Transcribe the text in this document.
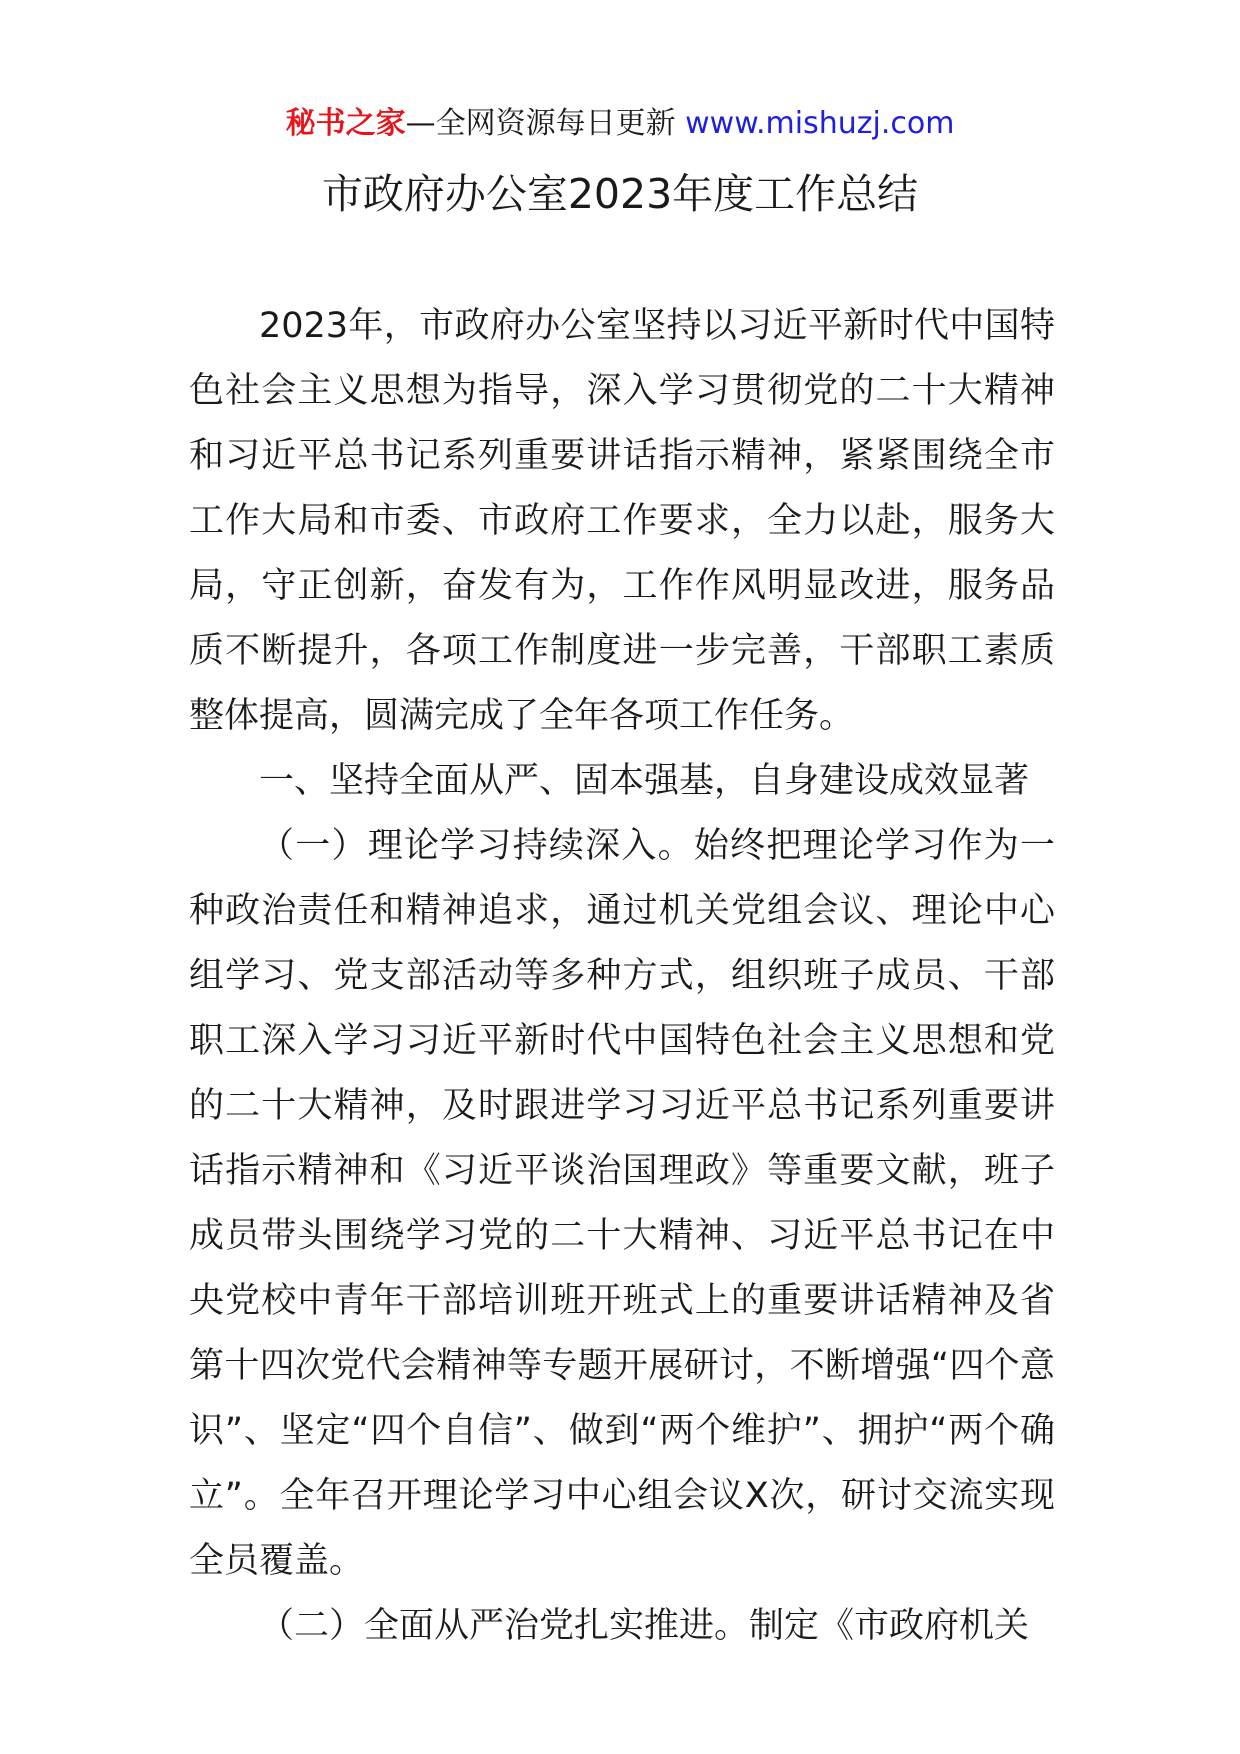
秘书之家—全网资源每日更新 www.mishuzj.com
市政府办公室2023年度工作总结

2023年，市政府办公室坚持以习近平新时代中国特色社会主义思想为指导，深入学习贯彻党的二十大精神和习近平总书记系列重要讲话指示精神，紧紧围绕全市工作大局和市委、市政府工作要求，全力以赴，服务大局，守正创新，奋发有为，工作作风明显改进，服务品质不断提升，各项工作制度进一步完善，干部职工素质整体提高，圆满完成了全年各项工作任务。

一、坚持全面从严、固本强基，自身建设成效显著

（一）理论学习持续深入。始终把理论学习作为一种政治责任和精神追求，通过机关党组会议、理论中心组学习、党支部活动等多种方式，组织班子成员、干部职工深入学习习近平新时代中国特色社会主义思想和党的二十大精神，及时跟进学习习近平总书记系列重要讲话指示精神和《习近平谈治国理政》等重要文献，班子成员带头围绕学习党的二十大精神、习近平总书记在中央党校中青年干部培训班开班式上的重要讲话精神及省第十四次党代会精神等专题开展研讨，不断增强“四个意识”、坚定“四个自信”、做到“两个维护”、拥护“两个确立”。全年召开理论学习中心组会议X次，研讨交流实现全员覆盖。

（二）全面从严治党扎实推进。制定《市政府机关
